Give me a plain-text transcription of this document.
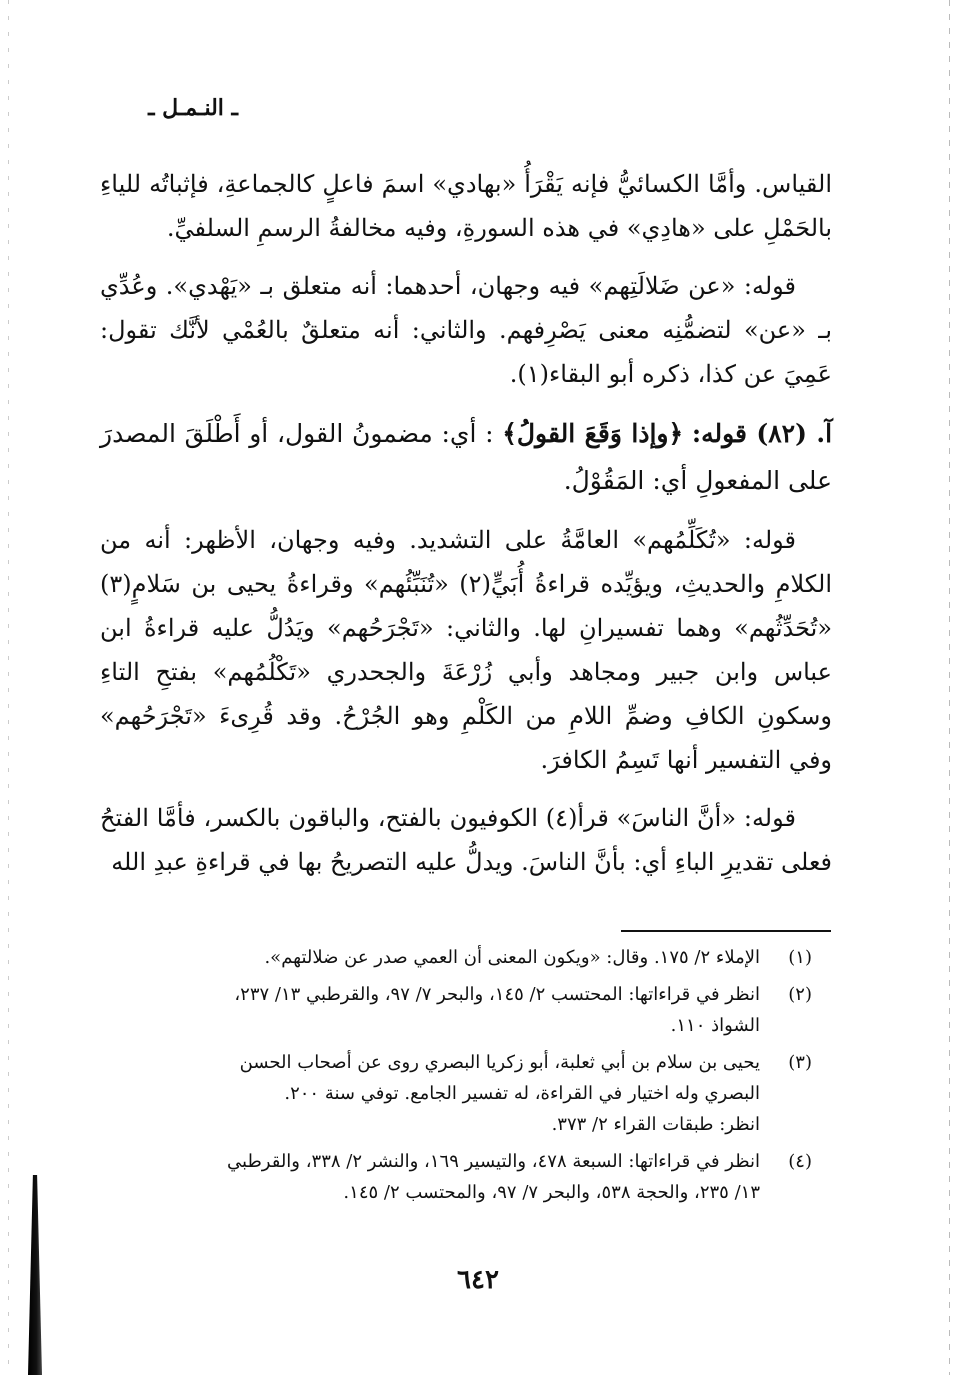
ـ النـمـل ـ

القياس. وأمَّا الكسائيُّ فإنه يَقْرَأُ «بهادي» اسمَ فاعلٍ كالجماعةِ، فإثباتُه للياءِ بالحَمْلِ على «هادِي» في هذه السورةِ، وفيه مخالفةُ الرسمِ السلفيِّ.

قوله: «عن ضَلالَتِهم» فيه وجهان، أحدهما: أنه متعلق بـ «يَهْدي». وعُدِّي بـ «عن» لتضمُّنِه معنى يَصْرِفهم. والثاني: أنه متعلقٌ بالعُمْي لأنَّك تقول: عَمِيَ عن كذا، ذكره أبو البقاء(١).

آ. (٨٢) قوله: ﴿وإذا وَقَعَ القولُ﴾ : أي: مضمونُ القول، أو أَطْلَقَ المصدرَ على المفعولِ أي: المَقُوْلُ.

قوله: «تُكَلِّمُهم» العامَّةُ على التشديد. وفيه وجهان، الأظهر: أنه من الكلامِ والحديثِ، ويؤيِّده قراءةُ أُبَيٍّ(٢) «تُنَبِّئُهم» وقراءةُ يحيى بن سَلامٍ(٣) «تُحَدِّثُهم» وهما تفسيرانِ لها. والثاني: «تَجْرَحُهم» ويَدُلُّ عليه قراءةُ ابن عباس وابن جبير ومجاهد وأبي زُرْعَةَ والجحدري «تَكْلُمُهم» بفتحِ التاءِ وسكونِ الكافِ وضمِّ اللامِ من الكَلْمِ وهو الجُرْحُ. وقد قُرِىءَ «تَجْرَحُهم» وفي التفسير أنها تَسِمُ الكافرَ.

قوله: «أنَّ الناسَ» قرأ(٤) الكوفيون بالفتح، والباقون بالكسر، فأمَّا الفتحُ فعلى تقديرِ الباءِ أي: بأنَّ الناسَ. ويدلُّ عليه التصريحُ بها في قراءةِ عبدِ الله

(١)
الإملاء ٢/ ١٧٥. وقال: «ويكون المعنى أن العمي صدر عن ضلالتهم».
(٢)
انظر في قراءاتها: المحتسب ٢/ ١٤٥، والبحر ٧/ ٩٧، والقرطبي ١٣/ ٢٣٧،
الشواذ ١١٠.
(٣)
يحيى بن سلام بن أبي ثعلبة، أبو زكريا البصري روى عن أصحاب الحسن
البصري وله اختيار في القراءة، له تفسير الجامع. توفي سنة ٢٠٠.
انظر: طبقات القراء ٢/ ٣٧٣.
(٤)
انظر في قراءاتها: السبعة ٤٧٨، والتيسير ١٦٩، والنشر ٢/ ٣٣٨، والقرطبي
١٣/ ٢٣٥، والحجة ٥٣٨، والبحر ٧/ ٩٧، والمحتسب ٢/ ١٤٥.
٦٤٢
